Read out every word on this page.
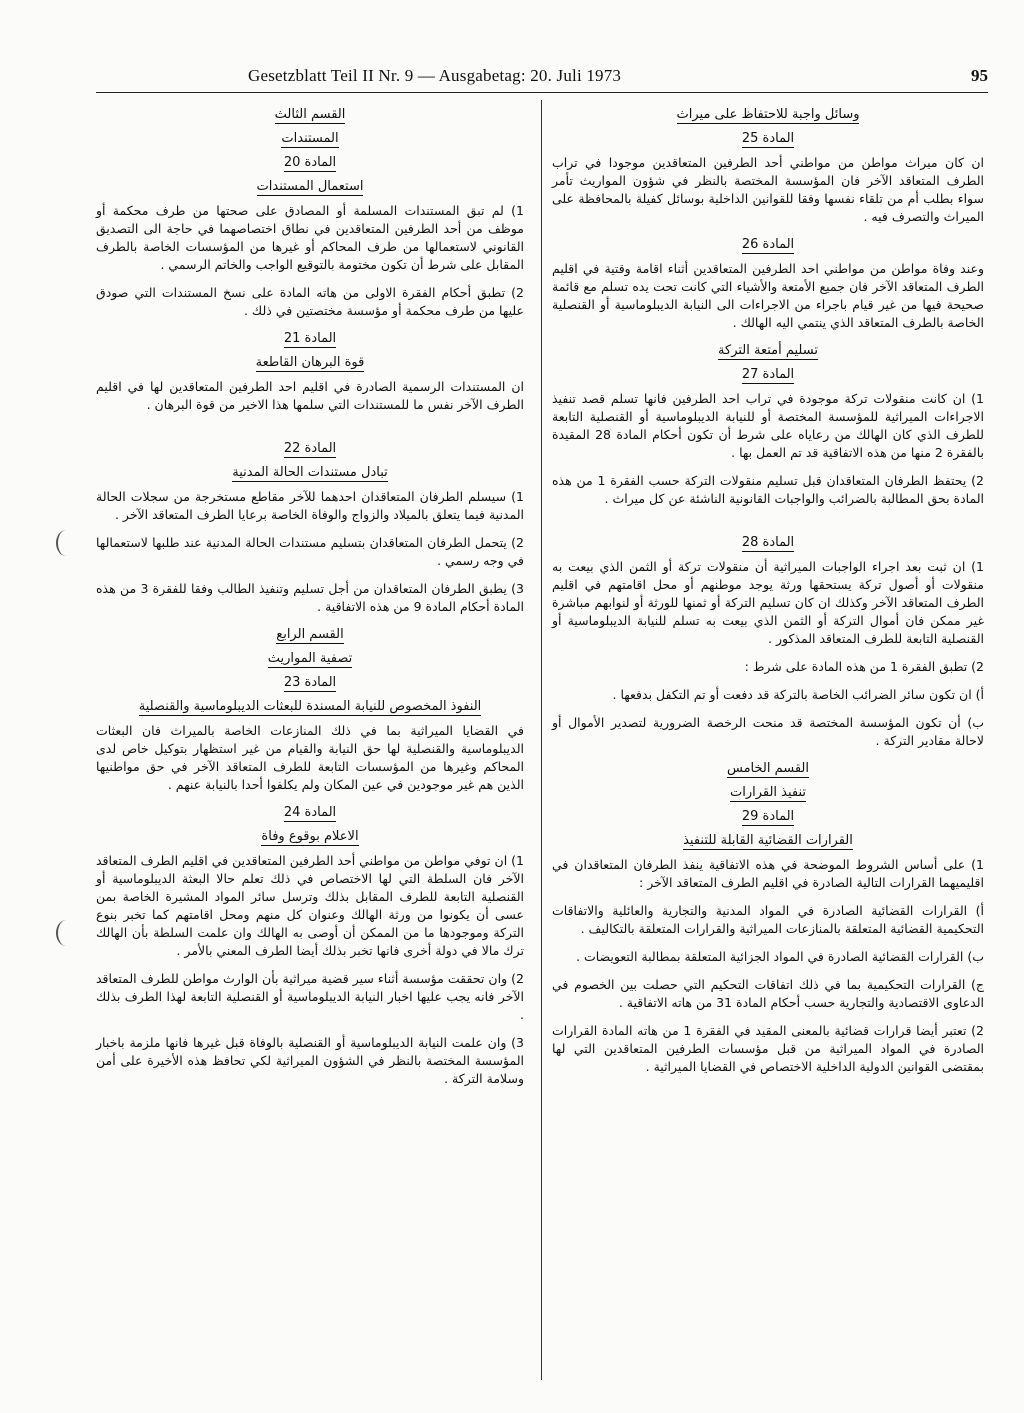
Gesetzblatt Teil II Nr. 9 — Ausgabetag: 20. Juli 1973	95
وسائل واجبة للاحتفاظ على ميراث
المادة 25
ان كان ميراث مواطن من مواطني أحد الطرفين المتعاقدين موجودا في تراب الطرف المتعاقد الآخر فان المؤسسة المختصة بالنظر في شؤون المواريث تأمر سواء بطلب أم من تلقاء نفسها وفقا للقوانين الداخلية بوسائل كفيلة بالمحافظة على الميراث والتصرف فيه .
المادة 26
وعند وفاة مواطن من مواطني احد الطرفين المتعاقدين أثناء اقامة وقتية في اقليم الطرف المتعاقد الآخر فان جميع الأمتعة والأشياء التي كانت تحت يده تسلم مع قائمة صحيحة فيها من غير قيام باجراء من الاجراءات الى النيابة الديبلوماسية أو القنصلية الخاصة بالطرف المتعاقد الذي ينتمي اليه الهالك .
تسليم أمتعة التركة
المادة 27
1) ان كانت منقولات تركة موجودة في تراب احد الطرفين فانها تسلم قصد تنفيذ الاجراءات الميراثية للمؤسسة المختصة أو للنيابة الديبلوماسية أو القنصلية التابعة للطرف الذي كان الهالك من رعاياه على شرط أن تكون أحكام المادة 28 المقيدة بالفقرة 2 منها من هذه الاتفاقية قد تم العمل بها .
2) يحتفظ الطرفان المتعاقدان قبل تسليم منقولات التركة حسب الفقرة 1 من هذه المادة بحق المطالبة بالضرائب والواجبات القانونية الناشئة عن كل ميراث .
المادة 28
1) ان ثبت بعد اجراء الواجبات الميراثية أن منقولات تركة أو الثمن الذي بيعت به منقولات أو أصول تركة يستحقها ورثة يوجد موطنهم أو محل اقامتهم في اقليم الطرف المتعاقد الآخر وكذلك ان كان تسليم التركة أو ثمنها للورثة أو لنوابهم مباشرة غير ممكن فان أموال التركة أو الثمن الذي بيعت به تسلم للنيابة الديبلوماسية أو القنصلية التابعة للطرف المتعاقد المذكور .
2) تطبق الفقرة 1 من هذه المادة على شرط :
أ) ان تكون سائر الضرائب الخاصة بالتركة قد دفعت أو تم التكفل بدفعها .
ب) أن تكون المؤسسة المختصة قد منحت الرخصة الضرورية لتصدير الأموال أو لاحالة مقادير التركة .
القسم الخامس
تنفيذ القرارات
المادة 29
القرارات القضائية القابلة للتنفيذ
1) على أساس الشروط الموضحة في هذه الاتفاقية ينفذ الطرفان المتعاقدان في اقليميهما القرارات التالية الصادرة في اقليم الطرف المتعاقد الآخر :
أ) القرارات القضائية الصادرة في المواد المدنية والتجارية والعائلية والاتفاقات التحكيمية القضائية المتعلقة بالمنازعات الميراثية والقرارات المتعلقة بالتكاليف .
ب) القرارات القضائية الصادرة في المواد الجزائية المتعلقة بمطالبة التعويضات .
ج) القرارات التحكيمية بما في ذلك اتفاقات التحكيم التي حصلت بين الخصوم في الدعاوى الاقتصادية والتجارية حسب أحكام المادة 31 من هاته الاتفاقية .
2) تعتبر أيضا قرارات قضائية بالمعنى المقيد في الفقرة 1 من هاته المادة القرارات الصادرة في المواد الميراثية من قبل مؤسسات الطرفين المتعاقدين التي لها بمقتضى القوانين الدولية الداخلية الاختصاص في القضايا الميراثية .
القسم الثالث
المستندات
المادة 20
استعمال المستندات
1) لم تبق المستندات المسلمة أو المصادق على صحتها من طرف محكمة أو موظف من أحد الطرفين المتعاقدين في نطاق اختصاصهما في حاجة الى التصديق القانوني لاستعمالها من طرف المحاكم أو غيرها من المؤسسات الخاصة بالطرف المقابل على شرط أن تكون مختومة بالتوقيع الواجب والخاتم الرسمي .
2) تطبق أحكام الفقرة الاولى من هاته المادة على نسخ المستندات التي صودق عليها من طرف محكمة أو مؤسسة مختصتين في ذلك .
المادة 21
قوة البرهان القاطعة
ان المستندات الرسمية الصادرة في اقليم احد الطرفين المتعاقدين لها في اقليم الطرف الآخر نفس ما للمستندات التي سلمها هذا الاخير من قوة البرهان .
المادة 22
تبادل مستندات الحالة المدنية
1) سيسلم الطرفان المتعاقدان احدهما للآخر مقاطع مستخرجة من سجلات الحالة المدنية فيما يتعلق بالميلاد والزواج والوفاة الخاصة برعايا الطرف المتعاقد الآخر .
2) يتحمل الطرفان المتعاقدان بتسليم مستندات الحالة المدنية عند طلبها لاستعمالها في وجه رسمي .
3) يطبق الطرفان المتعاقدان من أجل تسليم وتنفيذ الطالب وفقا للفقرة 3 من هذه المادة أحكام المادة 9 من هذه الاتفاقية .
القسم الرابع
تصفية المواريث
المادة 23
النفوذ المخصوص للنيابة المسندة للبعثات الديبلوماسية والقنصلية
في القضايا الميراثية بما في ذلك المنازعات الخاصة بالميراث فان البعثات الديبلوماسية والقنصلية لها حق النيابة والقيام من غير استظهار بتوكيل خاص لدى المحاكم وغيرها من المؤسسات التابعة للطرف المتعاقد الآخر في حق مواطنيها الذين هم غير موجودين في عين المكان ولم يكلفوا أحدا بالنيابة عنهم .
المادة 24
الاعلام بوقوع وفاة
1) ان توفي مواطن من مواطني أحد الطرفين المتعاقدين في اقليم الطرف المتعاقد الآخر فان السلطة التي لها الاختصاص في ذلك تعلم حالا البعثة الديبلوماسية أو القنصلية التابعة للطرف المقابل بذلك وترسل سائر المواد المشيرة الخاصة بمن عسى أن يكونوا من ورثة الهالك وعنوان كل منهم ومحل اقامتهم كما تخبر بنوع التركة وموجودها ما من الممكن أن أوصى به الهالك وان علمت السلطة بأن الهالك ترك مالا في دولة أخرى فانها تخبر بذلك أيضا الطرف المعني بالأمر .
2) وان تحققت مؤسسة أثناء سير قضية ميراثية بأن الوارث مواطن للطرف المتعاقد الآخر فانه يجب عليها اخبار النيابة الديبلوماسية أو القنصلية التابعة لهذا الطرف بذلك .
3) وان علمت النيابة الديبلوماسية أو القنصلية بالوفاة قبل غيرها فانها ملزمة باخبار المؤسسة المختصة بالنظر في الشؤون الميراثية لكي تحافظ هذه الأخيرة على أمن وسلامة التركة .
